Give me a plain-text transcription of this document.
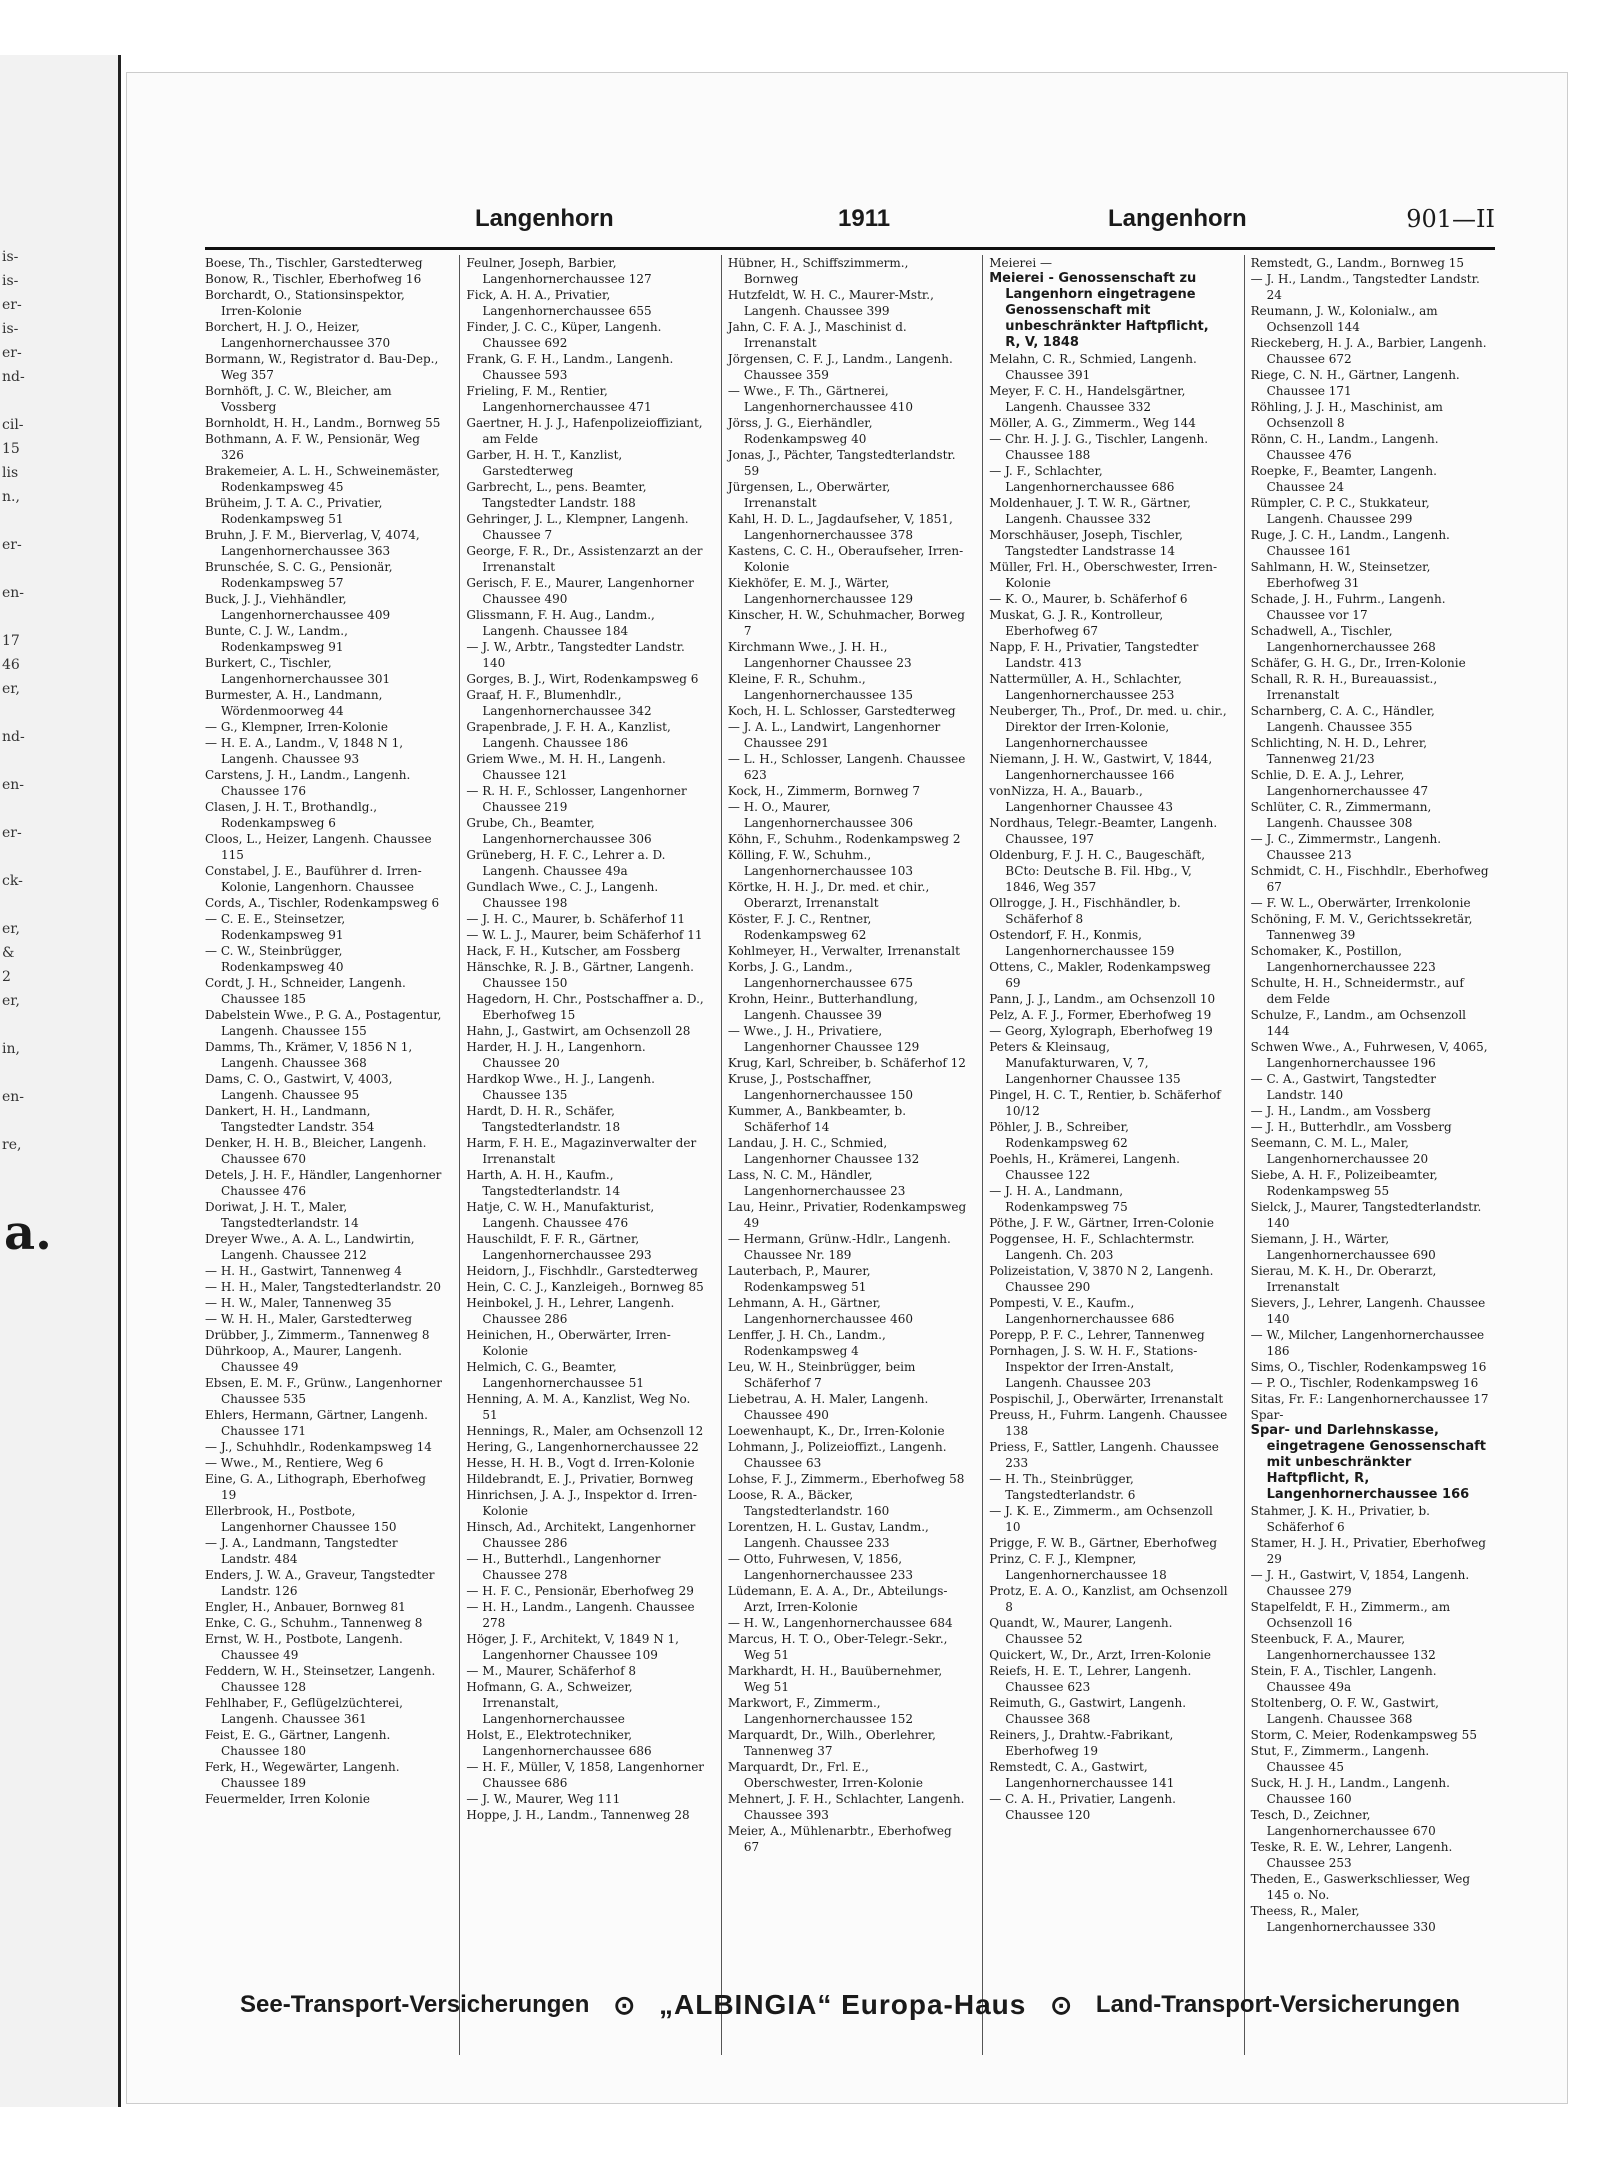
is-
is-
er-
is-
er-
nd-
cil-
15
lis
n.,
er-
en-
17
46
er,
nd-
en-
er-
ck-
er,
&
2
er,
in,
en-
re,
a.
Langenhorn	1911	Langenhorn	901—II

Boese, Th., Tischler, Garstedterweg

Bonow, R., Tischler, Eberhofweg 16

Borchardt, O., Stationsinspektor, Irren-Kolonie

Borchert, H. J. O., Heizer, Langenhornerchaussee 370

Bormann, W., Registrator d. Bau-Dep., Weg 357

Bornhöft, J. C. W., Bleicher, am Vossberg

Bornholdt, H. H., Landm., Bornweg 55

Bothmann, A. F. W., Pensionär, Weg 326

Brakemeier, A. L. H., Schweinemäster, Rodenkampsweg 45

Brüheim, J. T. A. C., Privatier, Rodenkampsweg 51

Bruhn, J. F. M., Bierverlag, V, 4074, Langenhornerchaussee 363

Brunschée, S. C. G., Pensionär, Rodenkampsweg 57

Buck, J. J., Viehhändler, Langenhornerchaussee 409

Bunte, C. J. W., Landm., Rodenkampsweg 91

Burkert, C., Tischler, Langenhornerchaussee 301

Burmester, A. H., Landmann, Wördenmoorweg 44

— G., Klempner, Irren-Kolonie

— H. E. A., Landm., V, 1848 N 1, Langenh. Chaussee 93

Carstens, J. H., Landm., Langenh. Chaussee 176

Clasen, J. H. T., Brothandlg., Rodenkampsweg 6

Cloos, L., Heizer, Langenh. Chaussee 115

Constabel, J. E., Bauführer d. Irren-Kolonie, Langenhorn. Chaussee

Cords, A., Tischler, Rodenkampsweg 6

— C. E. E., Steinsetzer, Rodenkampsweg 91

— C. W., Steinbrügger, Rodenkampsweg 40

Cordt, J. H., Schneider, Langenh. Chaussee 185

Dabelstein Wwe., P. G. A., Postagentur, Langenh. Chaussee 155

Damms, Th., Krämer, V, 1856 N 1, Langenh. Chaussee 368

Dams, C. O., Gastwirt, V, 4003, Langenh. Chaussee 95

Dankert, H. H., Landmann, Tangstedter Landstr. 354

Denker, H. H. B., Bleicher, Langenh. Chaussee 670

Detels, J. H. F., Händler, Langenhorner Chaussee 476

Doriwat, J. H. T., Maler, Tangstedterlandstr. 14

Dreyer Wwe., A. A. L., Landwirtin, Langenh. Chaussee 212

— H. H., Gastwirt, Tannenweg 4

— H. H., Maler, Tangstedterlandstr. 20

— H. W., Maler, Tannenweg 35

— W. H. H., Maler, Garstedterweg

Drübber, J., Zimmerm., Tannenweg 8

Dührkoop, A., Maurer, Langenh. Chaussee 49

Ebsen, E. M. F., Grünw., Langenhorner Chaussee 535

Ehlers, Hermann, Gärtner, Langenh. Chaussee 171

— J., Schuhhdlr., Rodenkampsweg 14

— Wwe., M., Rentiere, Weg 6

Eine, G. A., Lithograph, Eberhofweg 19

Ellerbrook, H., Postbote, Langenhorner Chaussee 150

— J. A., Landmann, Tangstedter Landstr. 484

Enders, J. W. A., Graveur, Tangstedter Landstr. 126

Engler, H., Anbauer, Bornweg 81

Enke, C. G., Schuhm., Tannenweg 8

Ernst, W. H., Postbote, Langenh. Chaussee 49

Feddern, W. H., Steinsetzer, Langenh. Chaussee 128

Fehlhaber, F., Geflügelzüchterei, Langenh. Chaussee 361

Feist, E. G., Gärtner, Langenh. Chaussee 180

Ferk, H., Wegewärter, Langenh. Chaussee 189

Feuermelder, Irren Kolonie

Feulner, Joseph, Barbier, Langenhornerchaussee 127

Fick, A. H. A., Privatier, Langenhornerchaussee 655

Finder, J. C. C., Küper, Langenh. Chaussee 692

Frank, G. F. H., Landm., Langenh. Chaussee 593

Frieling, F. M., Rentier, Langenhornerchaussee 471

Gaertner, H. J. J., Hafenpolizeioffiziant, am Felde

Garber, H. H. T., Kanzlist, Garstedterweg

Garbrecht, L., pens. Beamter, Tangstedter Landstr. 188

Gehringer, J. L., Klempner, Langenh. Chaussee 7

George, F. R., Dr., Assistenzarzt an der Irrenanstalt

Gerisch, F. E., Maurer, Langenhorner Chaussee 490

Glissmann, F. H. Aug., Landm., Langenh. Chaussee 184

— J. W., Arbtr., Tangstedter Landstr. 140

Gorges, B. J., Wirt, Rodenkampsweg 6

Graaf, H. F., Blumenhdlr., Langenhornerchaussee 342

Grapenbrade, J. F. H. A., Kanzlist, Langenh. Chaussee 186

Griem Wwe., M. H. H., Langenh. Chaussee 121

— R. H. F., Schlosser, Langenhorner Chaussee 219

Grube, Ch., Beamter, Langenhornerchaussee 306

Grüneberg, H. F. C., Lehrer a. D. Langenh. Chaussee 49a

Gundlach Wwe., C. J., Langenh. Chaussee 198

— J. H. C., Maurer, b. Schäferhof 11

— W. L. J., Maurer, beim Schäferhof 11

Hack, F. H., Kutscher, am Fossberg

Hänschke, R. J. B., Gärtner, Langenh. Chaussee 150

Hagedorn, H. Chr., Postschaffner a. D., Eberhofweg 15

Hahn, J., Gastwirt, am Ochsenzoll 28

Harder, H. J. H., Langenhorn. Chaussee 20

Hardkop Wwe., H. J., Langenh. Chaussee 135

Hardt, D. H. R., Schäfer, Tangstedterlandstr. 18

Harm, F. H. E., Magazinverwalter der Irrenanstalt

Harth, A. H. H., Kaufm., Tangstedterlandstr. 14

Hatje, C. W. H., Manufakturist, Langenh. Chaussee 476

Hauschildt, F. F. R., Gärtner, Langenhornerchaussee 293

Heidorn, J., Fischhdlr., Garstedterweg

Hein, C. C. J., Kanzleigeh., Bornweg 85

Heinbokel, J. H., Lehrer, Langenh. Chaussee 286

Heinichen, H., Oberwärter, Irren-Kolonie

Helmich, C. G., Beamter, Langenhornerchaussee 51

Henning, A. M. A., Kanzlist, Weg No. 51

Hennings, R., Maler, am Ochsenzoll 12

Hering, G., Langenhornerchaussee 22

Hesse, H. H. B., Vogt d. Irren-Kolonie

Hildebrandt, E. J., Privatier, Bornweg

Hinrichsen, J. A. J., Inspektor d. Irren-Kolonie

Hinsch, Ad., Architekt, Langenhorner Chaussee 286

— H., Butterhdl., Langenhorner Chaussee 278

— H. F. C., Pensionär, Eberhofweg 29

— H. H., Landm., Langenh. Chaussee 278

Höger, J. F., Architekt, V, 1849 N 1, Langenhorner Chaussee 109

— M., Maurer, Schäferhof 8

Hofmann, G. A., Schweizer, Irrenanstalt, Langenhornerchaussee

Holst, E., Elektrotechniker, Langenhornerchaussee 686

— H. F., Müller, V, 1858, Langenhorner Chaussee 686

— J. W., Maurer, Weg 111

Hoppe, J. H., Landm., Tannenweg 28

Hübner, H., Schiffszimmerm., Bornweg

Hutzfeldt, W. H. C., Maurer-Mstr., Langenh. Chaussee 399

Jahn, C. F. A. J., Maschinist d. Irrenanstalt

Jörgensen, C. F. J., Landm., Langenh. Chaussee 359

— Wwe., F. Th., Gärtnerei, Langenhornerchaussee 410

Jörss, J. G., Eierhändler, Rodenkampsweg 40

Jonas, J., Pächter, Tangstedterlandstr. 59

Jürgensen, L., Oberwärter, Irrenanstalt

Kahl, H. D. L., Jagdaufseher, V, 1851, Langenhornerchaussee 378

Kastens, C. C. H., Oberaufseher, Irren-Kolonie

Kiekhöfer, E. M. J., Wärter, Langenhornerchaussee 129

Kinscher, H. W., Schuhmacher, Borweg 7

Kirchmann Wwe., J. H. H., Langenhorner Chaussee 23

Kleine, F. R., Schuhm., Langenhornerchaussee 135

Koch, H. L. Schlosser, Garstedterweg

— J. A. L., Landwirt, Langenhorner Chaussee 291

— L. H., Schlosser, Langenh. Chaussee 623

Kock, H., Zimmerm, Bornweg 7

— H. O., Maurer, Langenhornerchaussee 306

Köhn, F., Schuhm., Rodenkampsweg 2

Kölling, F. W., Schuhm., Langenhornerchaussee 103

Körtke, H. H. J., Dr. med. et chir., Oberarzt, Irrenanstalt

Köster, F. J. C., Rentner, Rodenkampsweg 62

Kohlmeyer, H., Verwalter, Irrenanstalt

Korbs, J. G., Landm., Langenhornerchaussee 675

Krohn, Heinr., Butterhandlung, Langenh. Chaussee 39

— Wwe., J. H., Privatiere, Langenhorner Chaussee 129

Krug, Karl, Schreiber, b. Schäferhof 12

Kruse, J., Postschaffner, Langenhornerchaussee 150

Kummer, A., Bankbeamter, b. Schäferhof 14

Landau, J. H. C., Schmied, Langenhorner Chaussee 132

Lass, N. C. M., Händler, Langenhornerchaussee 23

Lau, Heinr., Privatier, Rodenkampsweg 49

— Hermann, Grünw.-Hdlr., Langenh. Chaussee Nr. 189

Lauterbach, P., Maurer, Rodenkampsweg 51

Lehmann, A. H., Gärtner, Langenhornerchaussee 460

Lenffer, J. H. Ch., Landm., Rodenkampsweg 4

Leu, W. H., Steinbrügger, beim Schäferhof 7

Liebetrau, A. H. Maler, Langenh. Chaussee 490

Loewenhaupt, K., Dr., Irren-Kolonie

Lohmann, J., Polizeioffizt., Langenh. Chaussee 63

Lohse, F. J., Zimmerm., Eberhofweg 58

Loose, R. A., Bäcker, Tangstedterlandstr. 160

Lorentzen, H. L. Gustav, Landm., Langenh. Chaussee 233

— Otto, Fuhrwesen, V, 1856, Langenhornerchaussee 233

Lüdemann, E. A. A., Dr., Abteilungs-Arzt, Irren-Kolonie

— H. W., Langenhornerchaussee 684

Marcus, H. T. O., Ober-Telegr.-Sekr., Weg 51

Markhardt, H. H., Bauübernehmer, Weg 51

Markwort, F., Zimmerm., Langenhornerchaussee 152

Marquardt, Dr., Wilh., Oberlehrer, Tannenweg 37

Marquardt, Dr., Frl. E., Oberschwester, Irren-Kolonie

Mehnert, J. F. H., Schlachter, Langenh. Chaussee 393

Meier, A., Mühlenarbtr., Eberhofweg 67

Meierei —

Meierei - Genossenschaft zu Langenhorn eingetragene Genossenschaft mit unbeschränkter Haftpflicht, R, V, 1848

Melahn, C. R., Schmied, Langenh. Chaussee 391

Meyer, F. C. H., Handelsgärtner, Langenh. Chaussee 332

Möller, A. G., Zimmerm., Weg 144

— Chr. H. J. J. G., Tischler, Langenh. Chaussee 188

— J. F., Schlachter, Langenhornerchaussee 686

Moldenhauer, J. T. W. R., Gärtner, Langenh. Chaussee 332

Morschhäuser, Joseph, Tischler, Tangstedter Landstrasse 14

Müller, Frl. H., Oberschwester, Irren-Kolonie

— K. O., Maurer, b. Schäferhof 6

Muskat, G. J. R., Kontrolleur, Eberhofweg 67

Napp, F. H., Privatier, Tangstedter Landstr. 413

Nattermüller, A. H., Schlachter, Langenhornerchaussee 253

Neuberger, Th., Prof., Dr. med. u. chir., Direktor der Irren-Kolonie, Langenhornerchaussee

Niemann, J. H. W., Gastwirt, V, 1844, Langenhornerchaussee 166

vonNizza, H. A., Bauarb., Langenhorner Chaussee 43

Nordhaus, Telegr.-Beamter, Langenh. Chaussee, 197

Oldenburg, F. J. H. C., Baugeschäft, BCto: Deutsche B. Fil. Hbg., V, 1846, Weg 357

Ollrogge, J. H., Fischhändler, b. Schäferhof 8

Ostendorf, F. H., Konmis, Langenhornerchaussee 159

Ottens, C., Makler, Rodenkampsweg 69

Pann, J. J., Landm., am Ochsenzoll 10

Pelz, A. F. J., Former, Eberhofweg 19

— Georg, Xylograph, Eberhofweg 19

Peters & Kleinsaug, Manufakturwaren, V, 7, Langenhorner Chaussee 135

Pingel, H. C. T., Rentier, b. Schäferhof 10/12

Pöhler, J. B., Schreiber, Rodenkampsweg 62

Poehls, H., Krämerei, Langenh. Chaussee 122

— J. H. A., Landmann, Rodenkampsweg 75

Pöthe, J. F. W., Gärtner, Irren-Colonie

Poggensee, H. F., Schlachtermstr. Langenh. Ch. 203

Polizeistation, V, 3870 N 2, Langenh. Chaussee 290

Pompesti, V. E., Kaufm., Langenhornerchaussee 686

Porepp, P. F. C., Lehrer, Tannenweg

Pornhagen, J. S. W. H. F., Stations-Inspektor der Irren-Anstalt, Langenh. Chaussee 203

Pospischil, J., Oberwärter, Irrenanstalt

Preuss, H., Fuhrm. Langenh. Chaussee 138

Priess, F., Sattler, Langenh. Chaussee 233

— H. Th., Steinbrügger, Tangstedterlandstr. 6

— J. K. E., Zimmerm., am Ochsenzoll 10

Prigge, F. W. B., Gärtner, Eberhofweg

Prinz, C. F. J., Klempner, Langenhornerchaussee 18

Protz, E. A. O., Kanzlist, am Ochsenzoll 8

Quandt, W., Maurer, Langenh. Chaussee 52

Quickert, W., Dr., Arzt, Irren-Kolonie

Reiefs, H. E. T., Lehrer, Langenh. Chaussee 623

Reimuth, G., Gastwirt, Langenh. Chaussee 368

Reiners, J., Drahtw.-Fabrikant, Eberhofweg 19

Remstedt, C. A., Gastwirt, Langenhornerchaussee 141

— C. A. H., Privatier, Langenh. Chaussee 120

Remstedt, G., Landm., Bornweg 15

— J. H., Landm., Tangstedter Landstr. 24

Reumann, J. W., Kolonialw., am Ochsenzoll 144

Rieckeberg, H. J. A., Barbier, Langenh. Chaussee 672

Riege, C. N. H., Gärtner, Langenh. Chaussee 171

Röhling, J. J. H., Maschinist, am Ochsenzoll 8

Rönn, C. H., Landm., Langenh. Chaussee 476

Roepke, F., Beamter, Langenh. Chaussee 24

Rümpler, C. P. C., Stukkateur, Langenh. Chaussee 299

Ruge, J. C. H., Landm., Langenh. Chaussee 161

Sahlmann, H. W., Steinsetzer, Eberhofweg 31

Schade, J. H., Fuhrm., Langenh. Chaussee vor 17

Schadwell, A., Tischler, Langenhornerchaussee 268

Schäfer, G. H. G., Dr., Irren-Kolonie

Schall, R. R. H., Bureauassist., Irrenanstalt

Scharnberg, C. A. C., Händler, Langenh. Chaussee 355

Schlichting, N. H. D., Lehrer, Tannenweg 21/23

Schlie, D. E. A. J., Lehrer, Langenhornerchaussee 47

Schlüter, C. R., Zimmermann, Langenh. Chaussee 308

— J. C., Zimmermstr., Langenh. Chaussee 213

Schmidt, C. H., Fischhdlr., Eberhofweg 67

— F. W. L., Oberwärter, Irrenkolonie

Schöning, F. M. V., Gerichtssekretär, Tannenweg 39

Schomaker, K., Postillon, Langenhornerchaussee 223

Schulte, H. H., Schneidermstr., auf dem Felde

Schulze, F., Landm., am Ochsenzoll 144

Schwen Wwe., A., Fuhrwesen, V, 4065, Langenhornerchaussee 196

— C. A., Gastwirt, Tangstedter Landstr. 140

— J. H., Landm., am Vossberg

— J. H., Butterhdlr., am Vossberg

Seemann, C. M. L., Maler, Langenhornerchaussee 20

Siebe, A. H. F., Polizeibeamter, Rodenkampsweg 55

Sielck, J., Maurer, Tangstedterlandstr. 140

Siemann, J. H., Wärter, Langenhornerchaussee 690

Sierau, M. K. H., Dr. Oberarzt, Irrenanstalt

Sievers, J., Lehrer, Langenh. Chaussee 140

— W., Milcher, Langenhornerchaussee 186

Sims, O., Tischler, Rodenkampsweg 16

— P. O., Tischler, Rodenkampsweg 16

Sitas, Fr. F.: Langenhornerchaussee 17

Spar-

Spar- und Darlehnskasse, eingetragene Genossenschaft mit unbeschränkter Haftpflicht, R, Langenhornerchaussee 166

Stahmer, J. K. H., Privatier, b. Schäferhof 6

Stamer, H. J. H., Privatier, Eberhofweg 29

— J. H., Gastwirt, V, 1854, Langenh. Chaussee 279

Stapelfeldt, F. H., Zimmerm., am Ochsenzoll 16

Steenbuck, F. A., Maurer, Langenhornerchaussee 132

Stein, F. A., Tischler, Langenh. Chaussee 49a

Stoltenberg, O. F. W., Gastwirt, Langenh. Chaussee 368

Storm, C. Meier, Rodenkampsweg 55

Stut, F., Zimmerm., Langenh. Chaussee 45

Suck, H. J. H., Landm., Langenh. Chaussee 160

Tesch, D., Zeichner, Langenhornerchaussee 670

Teske, R. E. W., Lehrer, Langenh. Chaussee 253

Theden, E., Gaswerkschliesser, Weg 145 o. No.

Theess, R., Maler, Langenhornerchaussee 330

See-Transport-Versicherungen ⊙ „ALBINGIA“ Europa-Haus ⊙ Land-Transport-Versicherungen
